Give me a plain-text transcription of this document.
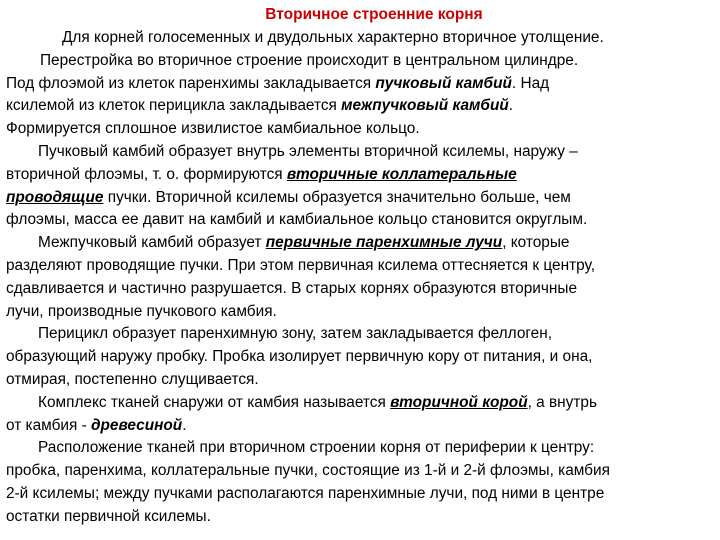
Вторичное строенние корня
Для корней голосеменных и двудольных характерно вторичное утолщение.
Перестройка во вторичное строение происходит в центральном цилиндре.
Под флоэмой из клеток паренхимы закладывается пучковый камбий. Над
ксилемой из клеток перицикла закладывается межпучковый камбий.
Формируется сплошное извилистое камбиальное кольцо.
Пучковый камбий образует внутрь элементы вторичной ксилемы, наружу –
вторичной флоэмы, т. о. формируются вторичные коллатеральные
проводящие пучки. Вторичной ксилемы образуется значительно больше, чем
флоэмы, масса ее давит на камбий и камбиальное кольцо становится округлым.
Межпучковый камбий образует первичные паренхимные лучи, которые
разделяют проводящие пучки. При этом первичная ксилема оттесняется к центру,
сдавливается и частично разрушается. В старых корнях образуются вторичные
лучи, производные пучкового камбия.
Перицикл образует паренхимную зону, затем закладывается феллоген,
образующий наружу пробку. Пробка изолирует первичную кору от питания, и она,
отмирая, постепенно слущивается.
Комплекс тканей снаружи от камбия называется вторичной корой, а внутрь
от камбия - древесиной.
Расположение тканей при вторичном строении корня от периферии к центру:
пробка, паренхима, коллатеральные пучки, состоящие из 1-й и 2-й флоэмы, камбия
2-й ксилемы; между пучками располагаются паренхимные лучи, под ними в центре
остатки первичной ксилемы.
